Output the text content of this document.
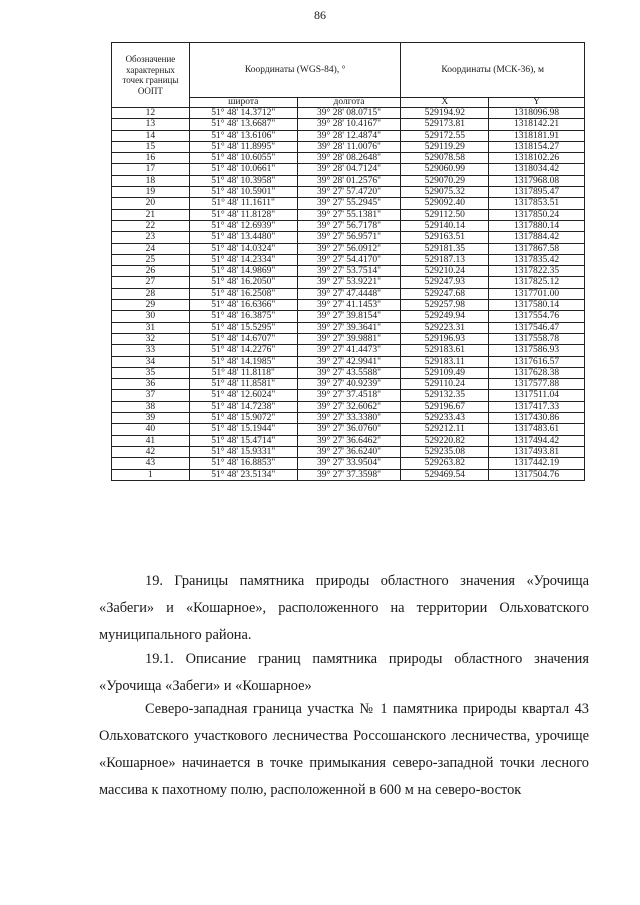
86
Обозначение характерных точек границы ООПТ	Координаты (WGS-84), °		Координаты (МСК-36), м	
	широта	долгота	X	Y
12	51° 48' 14.3712"	39° 28' 08.0715"	529194.92	1318096.98
13	51° 48' 13.6687"	39° 28' 10.4167"	529173.81	1318142.21
14	51° 48' 13.6106"	39° 28' 12.4874"	529172.55	1318181.91
15	51° 48' 11.8995"	39° 28' 11.0076"	529119.29	1318154.27
16	51° 48' 10.6055"	39° 28' 08.2648"	529078.58	1318102.26
17	51° 48' 10.0661"	39° 28' 04.7124"	529060.99	1318034.42
18	51° 48' 10.3958"	39° 28' 01.2576"	529070.29	1317968.08
19	51° 48' 10.5901"	39° 27' 57.4720"	529075.32	1317895.47
20	51° 48' 11.1611"	39° 27' 55.2945"	529092.40	1317853.51
21	51° 48' 11.8128"	39° 27' 55.1381"	529112.50	1317850.24
22	51° 48' 12.6939"	39° 27' 56.7178"	529140.14	1317880.14
23	51° 48' 13.4480"	39° 27' 56.9571"	529163.51	1317884.42
24	51° 48' 14.0324"	39° 27' 56.0912"	529181.35	1317867.58
25	51° 48' 14.2334"	39° 27' 54.4170"	529187.13	1317835.42
26	51° 48' 14.9869"	39° 27' 53.7514"	529210.24	1317822.35
27	51° 48' 16.2050"	39° 27' 53.9221"	529247.93	1317825.12
28	51° 48' 16.2508"	39° 27' 47.4448"	529247.68	1317701.00
29	51° 48' 16.6366"	39° 27' 41.1453"	529257.98	1317580.14
30	51° 48' 16.3875"	39° 27' 39.8154"	529249.94	1317554.76
31	51° 48' 15.5295"	39° 27' 39.3641"	529223.31	1317546.47
32	51° 48' 14.6707"	39° 27' 39.9881"	529196.93	1317558.78
33	51° 48' 14.2276"	39° 27' 41.4473"	529183.61	1317586.93
34	51° 48' 14.1985"	39° 27' 42.9941"	529183.11	1317616.57
35	51° 48' 11.8118"	39° 27' 43.5588"	529109.49	1317628.38
36	51° 48' 11.8581"	39° 27' 40.9239"	529110.24	1317577.88
37	51° 48' 12.6024"	39° 27' 37.4518"	529132.35	1317511.04
38	51° 48' 14.7238"	39° 27' 32.6062"	529196.67	1317417.33
39	51° 48' 15.9072"	39° 27' 33.3380"	529233.43	1317430.86
40	51° 48' 15.1944"	39° 27' 36.0760"	529212.11	1317483.61
41	51° 48' 15.4714"	39° 27' 36.6462"	529220.82	1317494.42
42	51° 48' 15.9331"	39° 27' 36.6240"	529235.08	1317493.81
43	51° 48' 16.8853"	39° 27' 33.9504"	529263.82	1317442.19
1	51° 48' 23.5134"	39° 27' 37.3598"	529469.54	1317504.76

19. Границы памятника природы областного значения «Урочища «Забеги» и «Кошарное», расположенного на территории Ольховатского муниципального района.

19.1. Описание границ памятника природы областного значения «Урочища «Забеги» и «Кошарное»

Северо-западная граница участка № 1 памятника природы квартал 43 Ольховатского участкового лесничества Россошанского лесничества, урочище «Кошарное» начинается в точке примыкания северо-западной точки лесного массива к пахотному полю, расположенной в 600 м на северо-восток
